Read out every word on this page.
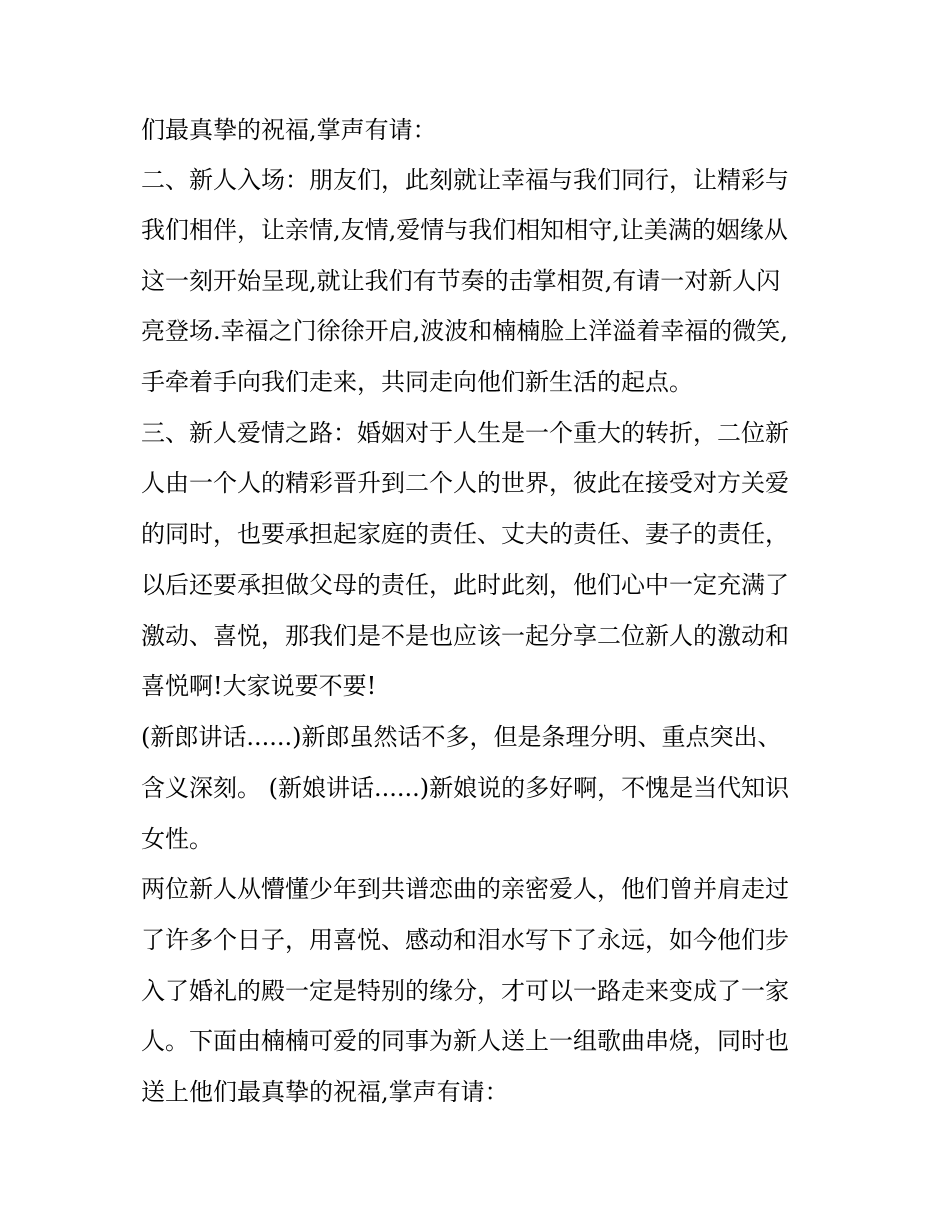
们最真挚的祝福,掌声有请：
二、新人入场：朋友们，此刻就让幸福与我们同行，让精彩与
我们相伴，让亲情,友情,爱情与我们相知相守,让美满的姻缘从
这一刻开始呈现,就让我们有节奏的击掌相贺,有请一对新人闪
亮登场.幸福之门徐徐开启,波波和楠楠脸上洋溢着幸福的微笑,
手牵着手向我们走来，共同走向他们新生活的起点。
三、新人爱情之路：婚姻对于人生是一个重大的转折，二位新
人由一个人的精彩晋升到二个人的世界，彼此在接受对方关爱
的同时，也要承担起家庭的责任、丈夫的责任、妻子的责任，
以后还要承担做父母的责任，此时此刻，他们心中一定充满了
激动、喜悦，那我们是不是也应该一起分享二位新人的激动和
喜悦啊!大家说要不要!
(新郎讲话......)新郎虽然话不多，但是条理分明、重点突出、
含义深刻。 (新娘讲话......)新娘说的多好啊，不愧是当代知识
女性。
两位新人从懵懂少年到共谱恋曲的亲密爱人，他们曾并肩走过
了许多个日子，用喜悦、感动和泪水写下了永远，如今他们步
入了婚礼的殿一定是特别的缘分，才可以一路走来变成了一家
人。下面由楠楠可爱的同事为新人送上一组歌曲串烧，同时也
送上他们最真挚的祝福,掌声有请：
